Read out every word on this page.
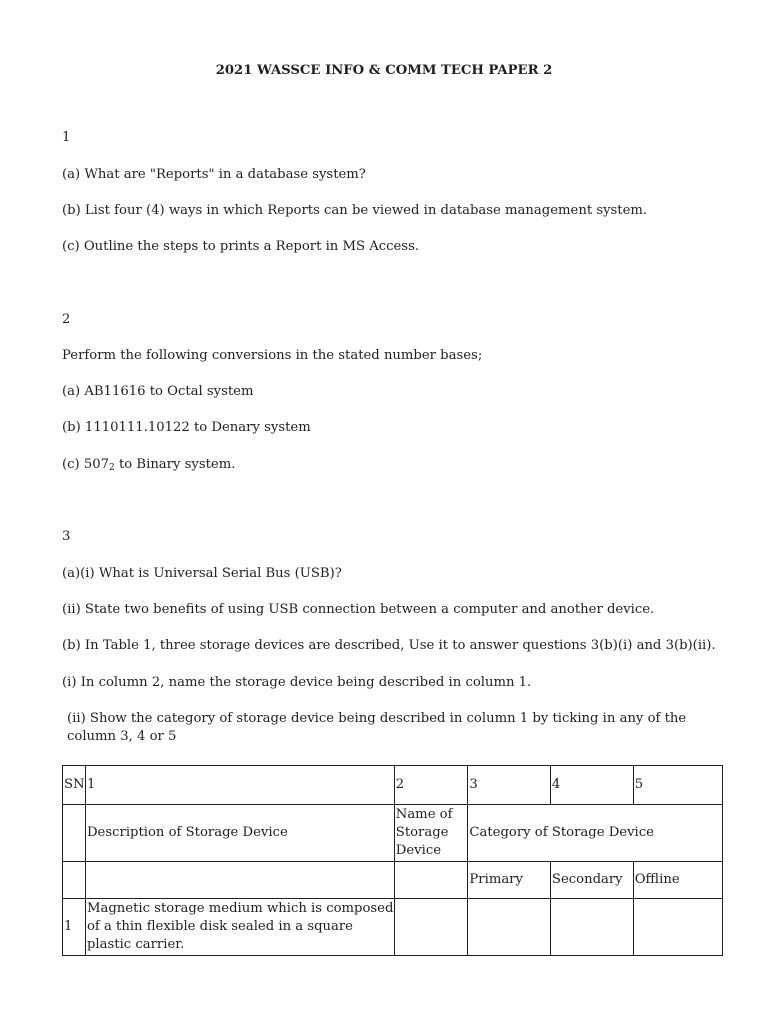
2021 WASSCE INFO & COMM TECH PAPER 2
1
(a) What are "Reports" in a database system?
(b) List four (4) ways in which Reports can be viewed in database management system.
(c) Outline the steps to prints a Report in MS Access.
2
Perform the following conversions in the stated number bases;
(a) AB11616 to Octal system
(b) 1110111.10122 to Denary system
(c) $507_2$ to Binary system.
3
(a)(i) What is Universal Serial Bus (USB)?
(ii) State two benefits of using USB connection between a computer and another device.
(b) In Table 1, three storage devices are described, Use it to answer questions 3(b)(i) and 3(b)(ii).
(i) In column 2, name the storage device being described in column 1.
(ii) Show the category of storage device being described in column 1 by ticking in any of the column 3, 4 or 5
SN	1	2	3	4	5
	Description of Storage Device	Name of Storage Device	Category of Storage Device		
			Primary	Secondary	Offline
1	Magnetic storage medium which is composed of a thin flexible disk sealed in a square plastic carrier.				
